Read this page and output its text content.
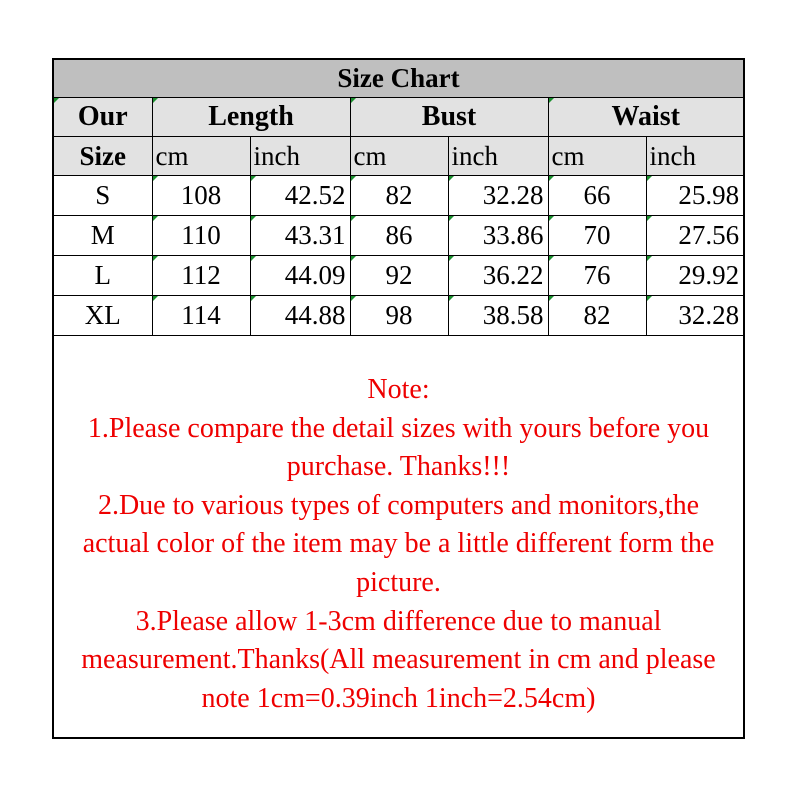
Size Chart						
Our	Length		Bust		Waist	
Size	cm	inch	cm	inch	cm	inch
S	108	42.52	82	32.28	66	25.98
M	110	43.31	86	33.86	70	27.56
L	112	44.09	92	36.22	76	29.92
XL	114	44.88	98	38.58	82	32.28
Note:
1.Please compare the detail sizes with yours before you
purchase. Thanks!!!
2.Due to various types of computers and monitors,the
actual color of the item may be a little different form the
picture.
3.Please allow 1-3cm difference due to manual
measurement.Thanks(All measurement in cm and please
note 1cm=0.39inch 1inch=2.54cm)
